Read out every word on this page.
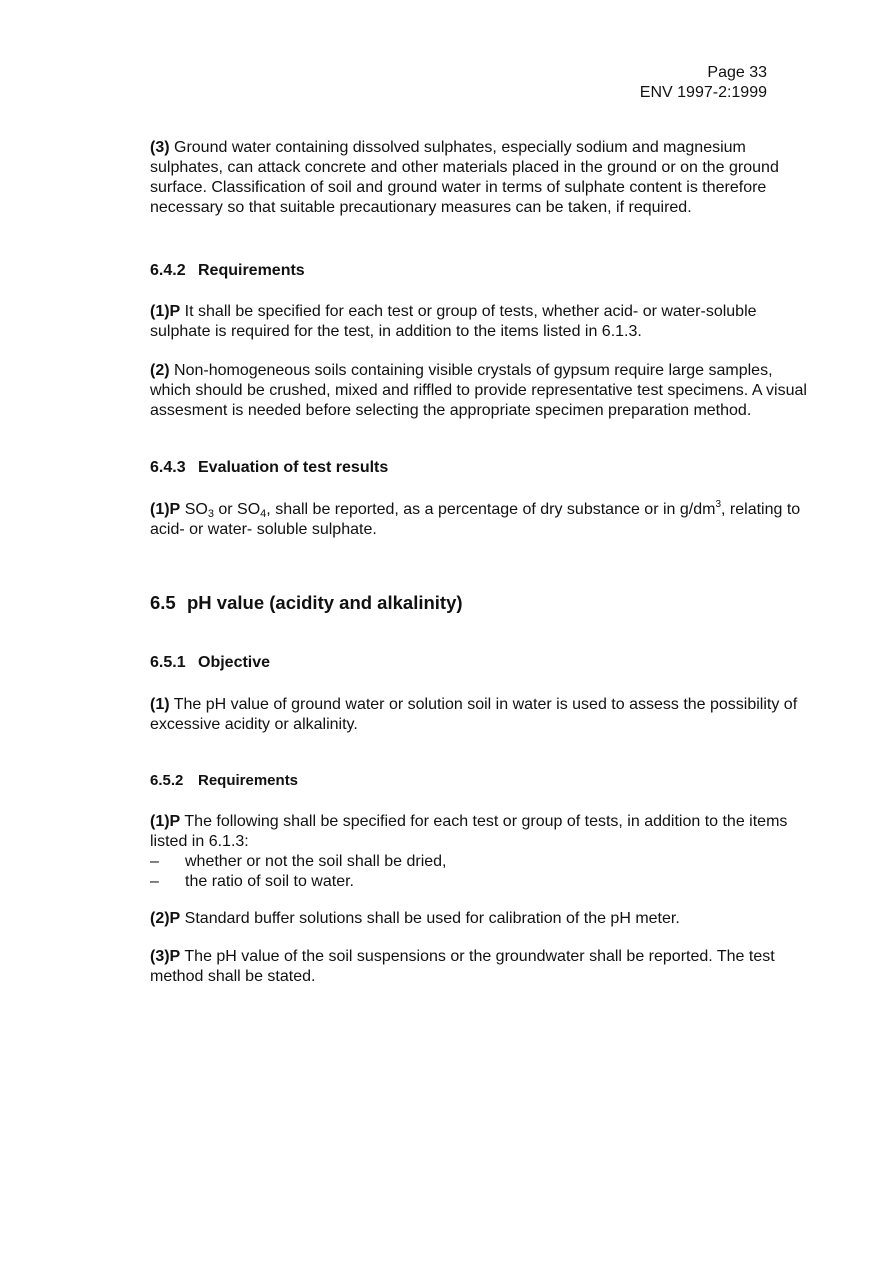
Page 33
ENV 1997-2:1999

(3) Ground water containing dissolved sulphates, especially sodium and magnesium sulphates, can attack concrete and other materials placed in the ground or on the ground surface. Classification of soil and ground water in terms of sulphate content is therefore necessary so that suitable precautionary measures can be taken, if required.

6.4.2 Requirements

(1)P It shall be specified for each test or group of tests, whether acid- or water-soluble sulphate is required for the test, in addition to the items listed in 6.1.3.

(2) Non-homogeneous soils containing visible crystals of gypsum require large samples, which should be crushed, mixed and riffled to provide representative test specimens. A visual assesment is needed before selecting the appropriate specimen preparation method.

6.4.3 Evaluation of test results

(1)P $SO_3$ or $SO_4$, shall be reported, as a percentage of dry substance or in $g/dm^3$, relating to acid- or water- soluble sulphate.

6.5 pH value (acidity and alkalinity)

6.5.1 Objective

(1) The pH value of ground water or solution soil in water is used to assess the possibility of excessive acidity or alkalinity.

6.5.2 Requirements

(1)P The following shall be specified for each test or group of tests, in addition to the items listed in 6.1.3:

– whether or not the soil shall be dried,
– the ratio of soil to water.

(2)P Standard buffer solutions shall be used for calibration of the pH meter.

(3)P The pH value of the soil suspensions or the groundwater shall be reported. The test method shall be stated.
